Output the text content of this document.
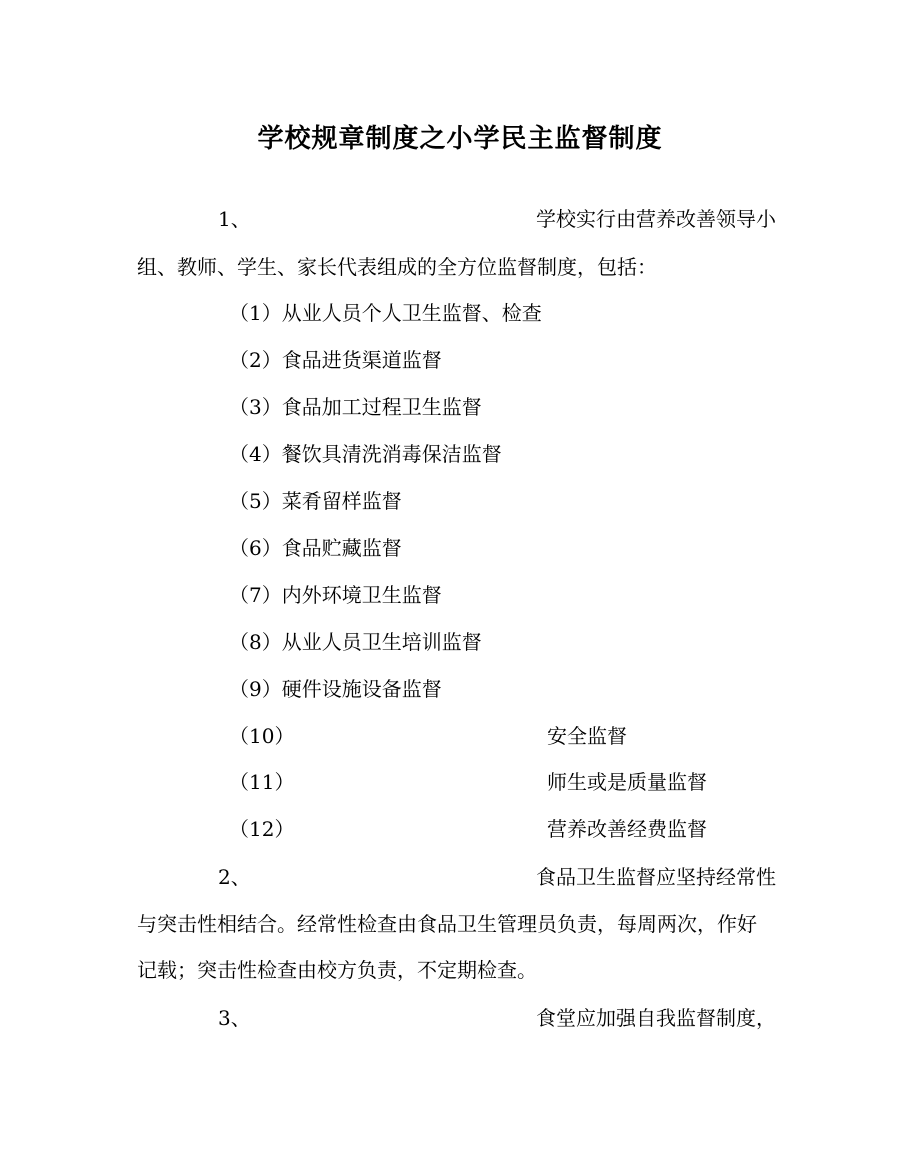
学校规章制度之小学民主监督制度
1、	学校实行由营养改善领导小
组、教师、学生、家长代表组成的全方位监督制度，包括：
（1）从业人员个人卫生监督、检查
（2）食品进货渠道监督
（3）食品加工过程卫生监督
（4）餐饮具清洗消毒保洁监督
（5）菜肴留样监督
（6）食品贮藏监督
（7）内外环境卫生监督
（8）从业人员卫生培训监督
（9）硬件设施设备监督
（10）	安全监督
（11）	师生或是质量监督
（12）	营养改善经费监督
2、	食品卫生监督应坚持经常性
与突击性相结合。经常性检查由食品卫生管理员负责，每周两次，作好
记载；突击性检查由校方负责，不定期检查。
3、	食堂应加强自我监督制度，
